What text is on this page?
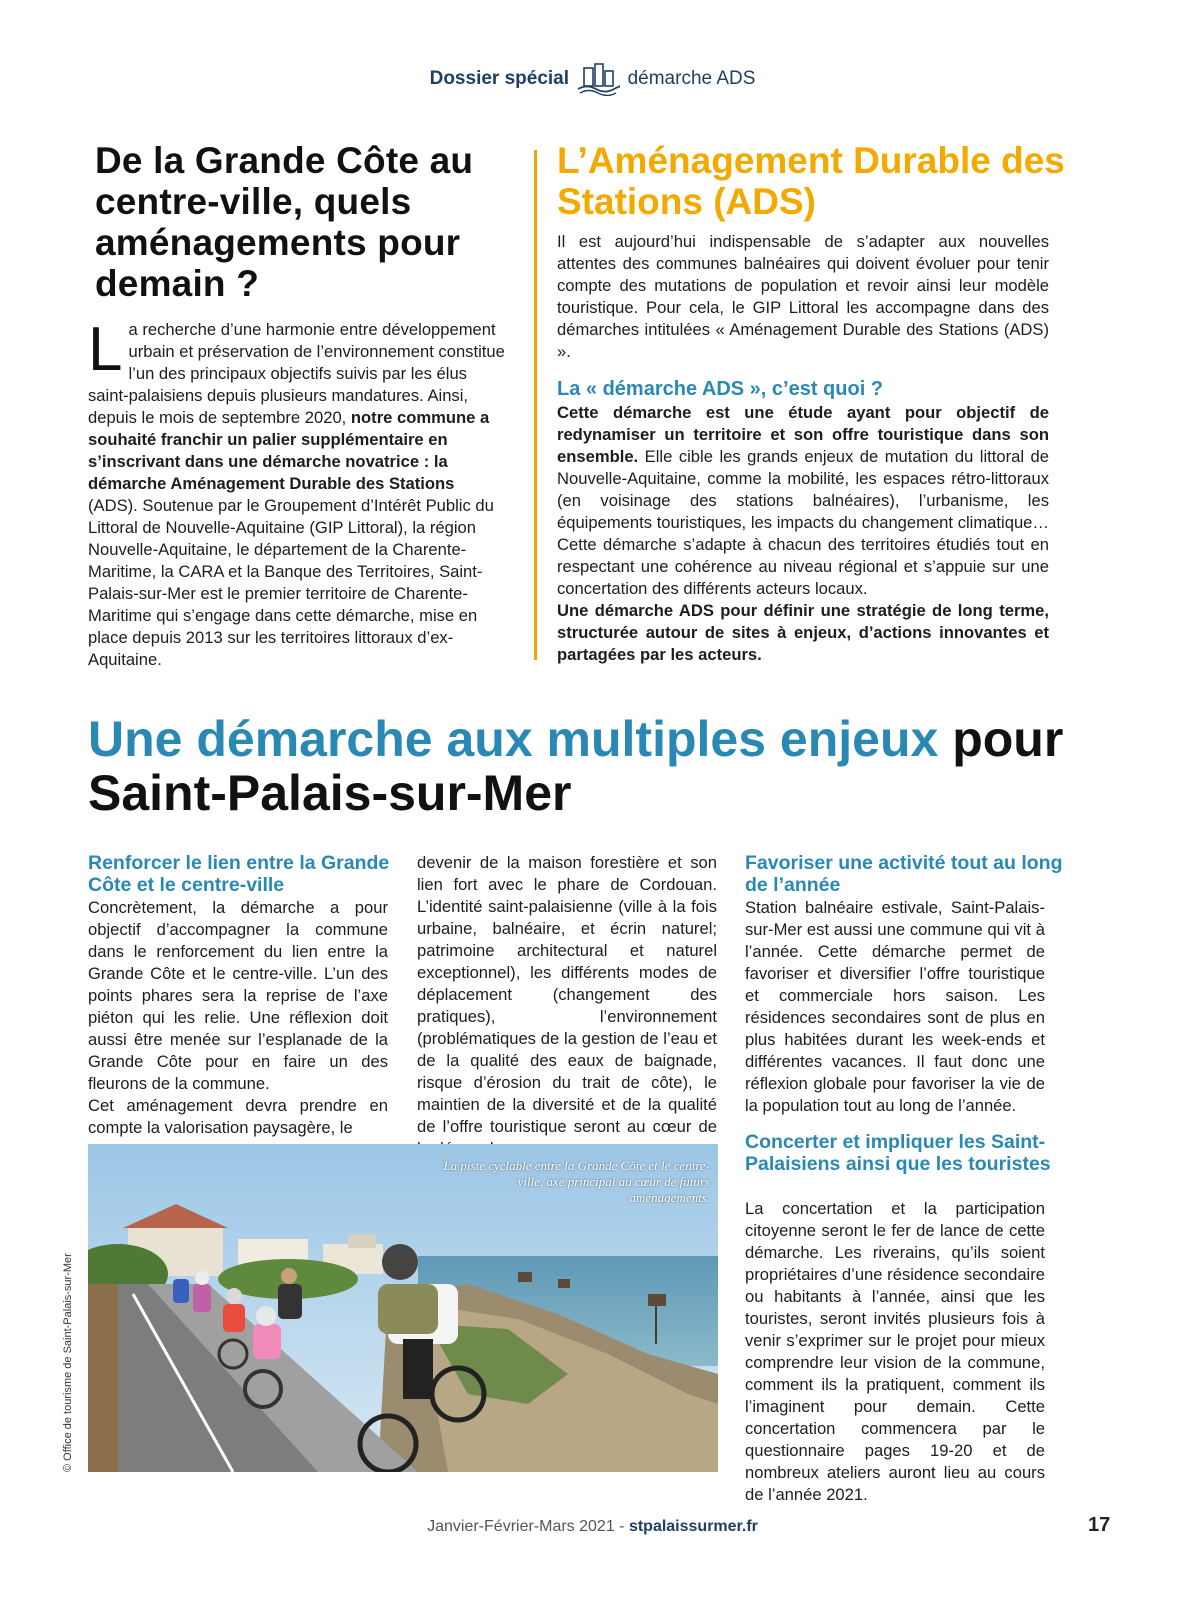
Dossier spécial	démarche ADS
De la Grande Côte au centre-ville, quels aménagements pour demain ?
L a recherche d’une harmonie entre développement urbain et préservation de l’environnement constitue l’un des principaux objectifs suivis par les élus saint-palaisiens depuis plusieurs mandatures. Ainsi, depuis le mois de septembre 2020, notre commune a souhaité franchir un palier supplémentaire en s’inscrivant dans une démarche novatrice : la démarche Aménagement Durable des Stations (ADS). Soutenue par le Groupement d’Intérêt Public du Littoral de Nouvelle-Aquitaine (GIP Littoral), la région Nouvelle-Aquitaine, le département de la Charente-Maritime, la CARA et la Banque des Territoires, Saint-Palais-sur-Mer est le premier territoire de Charente-Maritime qui s’engage dans cette démarche, mise en place depuis 2013 sur les territoires littoraux d’ex-Aquitaine.
L’Aménagement Durable des Stations (ADS)
Il est aujourd’hui indispensable de s’adapter aux nouvelles attentes des communes balnéaires qui doivent évoluer pour tenir compte des mutations de population et revoir ainsi leur modèle touristique. Pour cela, le GIP Littoral les accompagne dans des démarches intitulées « Aménagement Durable des Stations (ADS) ».
La « démarche ADS », c’est quoi ?
Cette démarche est une étude ayant pour objectif de redynamiser un territoire et son offre touristique dans son ensemble. Elle cible les grands enjeux de mutation du littoral de Nouvelle-Aquitaine, comme la mobilité, les espaces rétro-littoraux (en voisinage des stations balnéaires), l’urbanisme, les équipements touristiques, les impacts du changement climatique… Cette démarche s’adapte à chacun des territoires étudiés tout en respectant une cohérence au niveau régional et s’appuie sur une concertation des différents acteurs locaux.
Une démarche ADS pour définir une stratégie de long terme, structurée autour de sites à enjeux, d’actions innovantes et partagées par les acteurs.
Une démarche aux multiples enjeux pour Saint-Palais-sur-Mer
Renforcer le lien entre la Grande Côte et le centre-ville
Concrètement, la démarche a pour objectif d’accompagner la commune dans le renforcement du lien entre la Grande Côte et le centre-ville. L’un des points phares sera la reprise de l’axe piéton qui les relie. Une réflexion doit aussi être menée sur l’esplanade de la Grande Côte pour en faire un des fleurons de la commune.
Cet aménagement devra prendre en compte la valorisation paysagère, le
devenir de la maison forestière et son lien fort avec le phare de Cordouan. L’identité saint-palaisienne (ville à la fois urbaine, balnéaire, et écrin naturel; patrimoine architectural et naturel exceptionnel), les différents modes de déplacement (changement des pratiques), l’environnement (problématiques de la gestion de l’eau et de la qualité des eaux de baignade, risque d’érosion du trait de côte), le maintien de la diversité et de la qualité de l’offre touristique seront au cœur de
Favoriser une activité tout au long de l’année
Station balnéaire estivale, Saint-Palais-sur-Mer est aussi une commune qui vit à l’année. Cette démarche permet de favoriser et diversifier l’offre touristique et commerciale hors saison. Les résidences secondaires sont de plus en plus habitées durant les week-ends et différentes vacances. Il faut donc une réflexion globale pour favoriser la vie de la population tout au long de l’année.
Concerter et impliquer les Saint-Palaisiens ainsi que les touristes
La concertation et la participation citoyenne seront le fer de lance de cette démarche. Les riverains, qu’ils soient propriétaires d’une résidence secondaire ou habitants à l’année, ainsi que les touristes, seront invités plusieurs fois à venir s’exprimer sur le projet pour mieux comprendre leur vision de la commune, comment ils la pratiquent, comment ils l’imaginent pour demain. Cette concertation commencera par le questionnaire pages 19-20 et de nombreux ateliers auront lieu au cours de l’année 2021.
La piste cyclable entre la Grande Côte et le centre-ville, axe principal au cœur de futurs aménagements.
© Office de tourisme de Saint-Palais-sur-Mer
Janvier-Février-Mars 2021 - stpalaissurmer.fr	17
